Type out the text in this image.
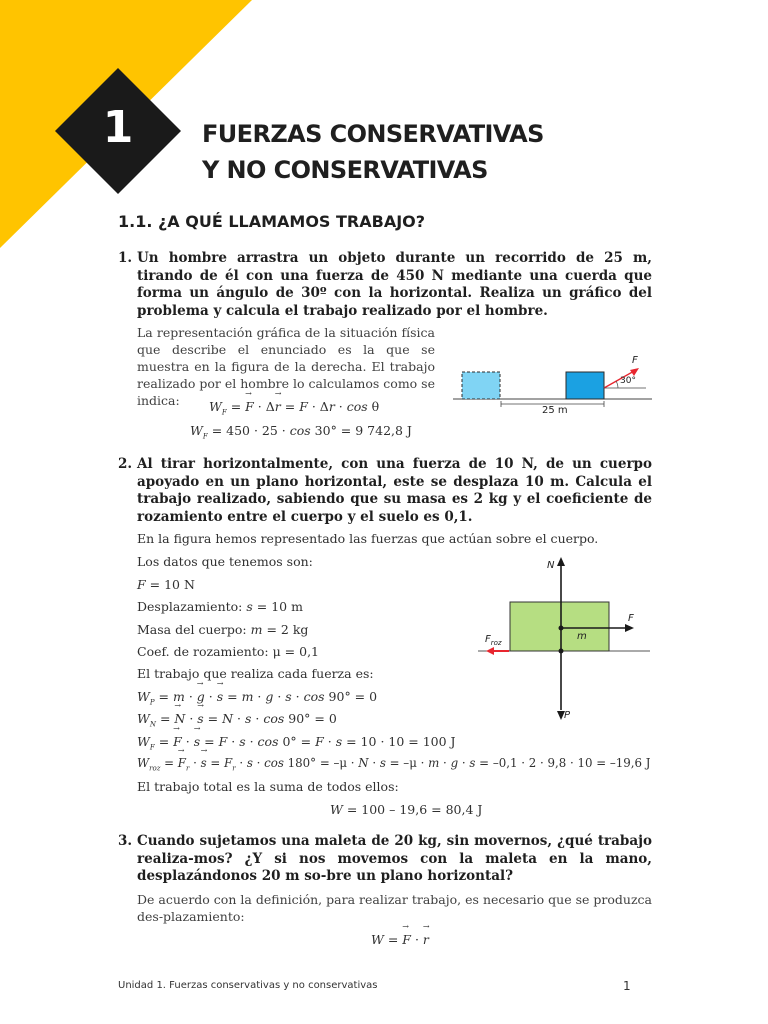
1	FUERZAS CONSERVATIVAS
Y NO CONSERVATIVAS
1.1. ¿A QUÉ LLAMAMOS TRABAJO?
1. Un hombre arrastra un objeto durante un recorrido de 25 m, tirando de él con una fuerza de 450 N mediante una cuerda que forma un ángulo de 30º con la horizontal. Realiza un gráfico del problema y calcula el trabajo realizado por el hombre.
La representación gráfica de la situación física que describe el enunciado es la que se muestra en la figura de la derecha. El trabajo realizado por el hombre lo calculamos como se indica:	$W_F$ = → F · Δ→ r = F · Δr · cos θ
$W_F = 450 \cdot 25 \cdot \cos 30^\circ = 9$ 742,8 J
25 m
30°
F
2. Al tirar horizontalmente, con una fuerza de 10 N, de un cuerpo apoyado en un plano horizontal, este se desplaza 10 m. Calcula el trabajo realizado, sabiendo que su masa es 2 kg y el coeficiente de rozamiento entre el cuerpo y el suelo es 0,1.
En la figura hemos representado las fuerzas que actúan sobre el cuerpo.
Los datos que tenemos son:
F = 10 N
Desplazamiento: s = 10 m
Masa del cuerpo: m = 2 kg
Coef. de rozamiento: μ = 0,1
El trabajo que realiza cada fuerza es:
$W_P = m$ · → g · → s = m · g · s · cos 90° = 0
$W_N$ = → N · → s = N · s · cos 90° = 0
$W_F$ = → F · → s = F · s · cos 0° = F · s = 10 · 10 = 100 J
$W_{roz}$ = → $F_r$ · → $s = F_r \cdot s \cdot \cos 180^\circ = -\mu \cdot N \cdot s = -\mu \cdot m \cdot g \cdot s = -0,1 \cdot 2 \cdot 9,8 \cdot 10 = -19,6$ J
El trabajo total es la suma de todos ellos:
W = 100 – 19,6 = 80,4 J
N
F
m
$F_{roz}$
P
3. Cuando sujetamos una maleta de 20 kg, sin movernos, ¿qué trabajo realiza-mos? ¿Y si nos movemos con la maleta en la mano, desplazándonos 20 m so-bre un plano horizontal?
De acuerdo con la definición, para realizar trabajo, es necesario que se produzca des-plazamiento:
W = → F · → r
Unidad 1. Fuerzas conservativas y no conservativas	1
